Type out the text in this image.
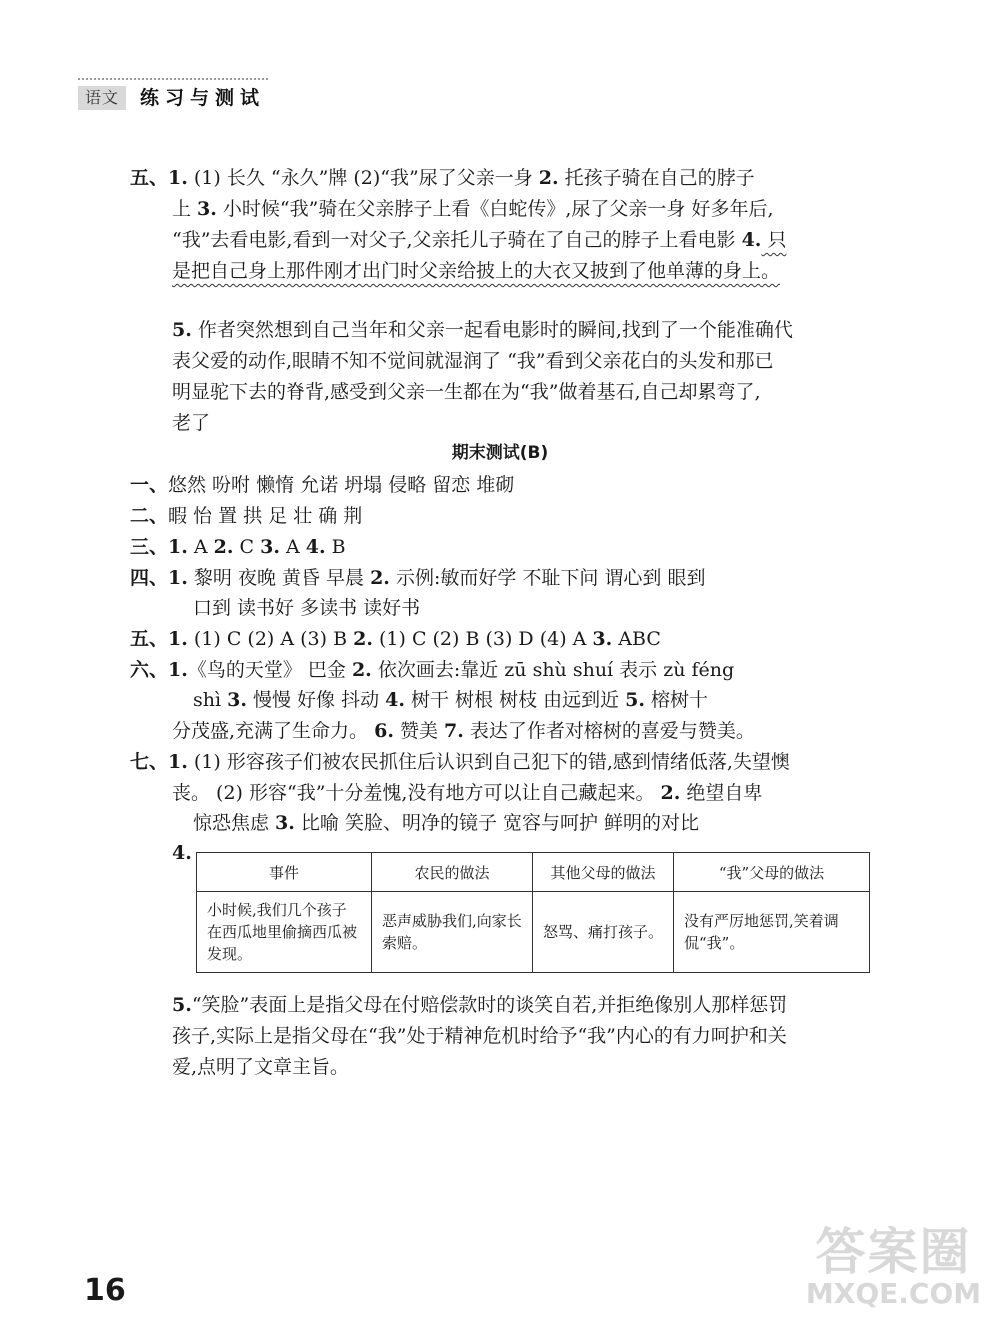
语文	练习与测试
五、1. (1) 长久 “永久”牌 (2)“我”尿了父亲一身 2. 托孩子骑在自己的脖子
上 3. 小时候“我”骑在父亲脖子上看《白蛇传》,尿了父亲一身 好多年后,
“我”去看电影,看到一对父子,父亲托儿子骑在了自己的脖子上看电影 4. 只
是把自己身上那件刚才出门时父亲给披上的大衣又披到了他单薄的身上。
5. 作者突然想到自己当年和父亲一起看电影时的瞬间,找到了一个能准确代
表父爱的动作,眼睛不知不觉间就湿润了 “我”看到父亲花白的头发和那已
明显驼下去的脊背,感受到父亲一生都在为“我”做着基石,自己却累弯了,
老了
期末测试(B)
一、悠然 吩咐 懒惰 允诺 坍塌 侵略 留恋 堆砌
二、暇 怡 置 拱 足 壮 确 荆
三、1. A 2. C 3. A 4. B
四、1. 黎明 夜晚 黄昏 早晨 2. 示例:敏而好学 不耻下问 谓心到 眼到
口到 读书好 多读书 读好书
五、1. (1) C (2) A (3) B 2. (1) C (2) B (3) D (4) A 3. ABC
六、1.《鸟的天堂》 巴金 2. 依次画去:靠近 zū shù shuí 表示 zù féng
shì 3. 慢慢 好像 抖动 4. 树干 树根 树枝 由远到近 5. 榕树十
分茂盛,充满了生命力。 6. 赞美 7. 表达了作者对榕树的喜爱与赞美。
七、1. (1) 形容孩子们被农民抓住后认识到自己犯下的错,感到情绪低落,失望懊
丧。 (2) 形容“我”十分羞愧,没有地方可以让自己藏起来。 2. 绝望自卑
惊恐焦虑 3. 比喻 笑脸、明净的镜子 宽容与呵护 鲜明的对比
4.
事件	农民的做法	其他父母的做法	“我”父母的做法
小时候,我们几个孩子在西瓜地里偷摘西瓜被发现。	恶声威胁我们,向家长索赔。	怒骂、痛打孩子。	没有严厉地惩罚,笑着调侃“我”。
5.“笑脸”表面上是指父母在付赔偿款时的谈笑自若,并拒绝像别人那样惩罚
孩子,实际上是指父母在“我”处于精神危机时给予“我”内心的有力呵护和关
爱,点明了文章主旨。
16
答案圈
MXQE.COM
